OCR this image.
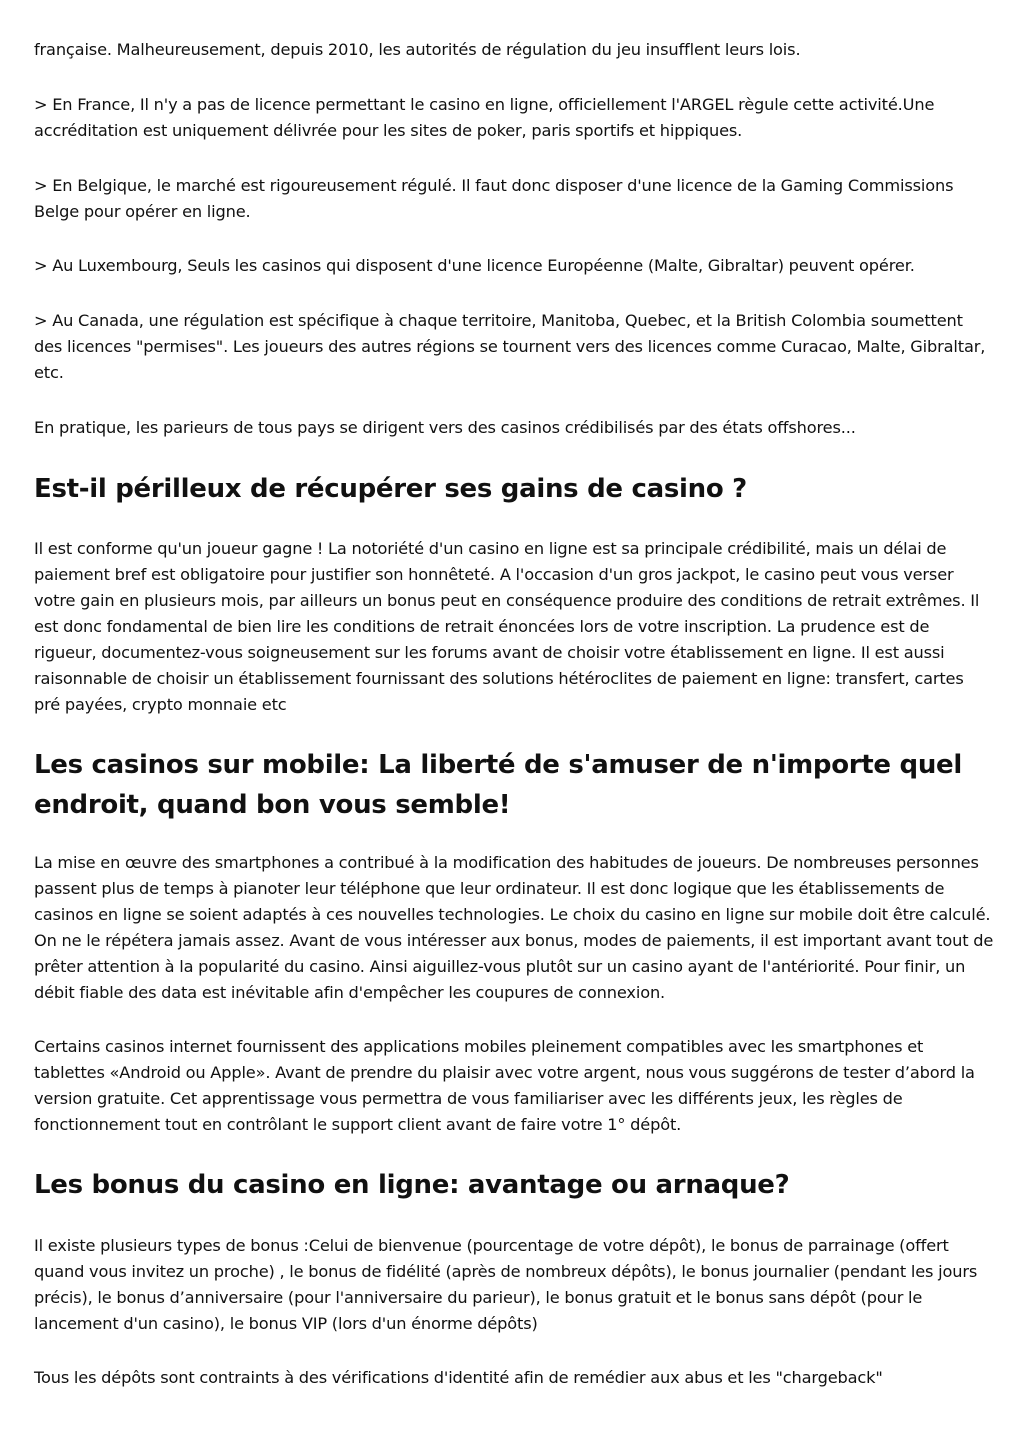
française. Malheureusement, depuis 2010, les autorités de régulation du jeu insufflent leurs lois.

> En France, Il n'y a pas de licence permettant le casino en ligne, officiellement l'ARGEL règule cette activité.Une accréditation est uniquement délivrée pour les sites de poker, paris sportifs et hippiques.

> En Belgique, le marché est rigoureusement régulé. Il faut donc disposer d'une licence de la Gaming Commissions Belge pour opérer en ligne.

> Au Luxembourg, Seuls les casinos qui disposent d'une licence Européenne (Malte, Gibraltar) peuvent opérer.

> Au Canada, une régulation est spécifique à chaque territoire, Manitoba, Quebec, et la British Colombia soumettent des licences "permises". Les joueurs des autres régions se tournent vers des licences comme Curacao, Malte, Gibraltar, etc.

En pratique, les parieurs de tous pays se dirigent vers des casinos crédibilisés par des états offshores...

Est-il périlleux de récupérer ses gains de casino ?

Il est conforme qu'un joueur gagne ! La notoriété d'un casino en ligne est sa principale crédibilité, mais un délai de paiement bref est obligatoire pour justifier son honnêteté. A l'occasion d'un gros jackpot, le casino peut vous verser votre gain en plusieurs mois, par ailleurs un bonus peut en conséquence produire des conditions de retrait extrêmes. Il est donc fondamental de bien lire les conditions de retrait énoncées lors de votre inscription. La prudence est de rigueur, documentez-vous soigneusement sur les forums avant de choisir votre établissement en ligne. Il est aussi raisonnable de choisir un établissement fournissant des solutions hétéroclites de paiement en ligne: transfert, cartes pré payées, crypto monnaie etc

Les casinos sur mobile: La liberté de s'amuser de n'importe quel endroit, quand bon vous semble!

La mise en œuvre des smartphones a contribué à la modification des habitudes de joueurs. De nombreuses personnes passent plus de temps à pianoter leur téléphone que leur ordinateur. Il est donc logique que les établissements de casinos en ligne se soient adaptés à ces nouvelles technologies. Le choix du casino en ligne sur mobile doit être calculé. On ne le répétera jamais assez. Avant de vous intéresser aux bonus, modes de paiements, il est important avant tout de prêter attention à la popularité du casino. Ainsi aiguillez-vous plutôt sur un casino ayant de l'antériorité. Pour finir, un débit fiable des data est inévitable afin d'empêcher les coupures de connexion.

Certains casinos internet fournissent des applications mobiles pleinement compatibles avec les smartphones et tablettes «Android ou Apple». Avant de prendre du plaisir avec votre argent, nous vous suggérons de tester d’abord la version gratuite. Cet apprentissage vous permettra de vous familiariser avec les différents jeux, les règles de fonctionnement tout en contrôlant le support client avant de faire votre 1° dépôt.

Les bonus du casino en ligne: avantage ou arnaque?

Il existe plusieurs types de bonus :Celui de bienvenue (pourcentage de votre dépôt), le bonus de parrainage (offert quand vous invitez un proche) , le bonus de fidélité (après de nombreux dépôts), le bonus journalier (pendant les jours précis), le bonus d’anniversaire (pour l'anniversaire du parieur), le bonus gratuit et le bonus sans dépôt (pour le lancement d'un casino), le bonus VIP (lors d'un énorme dépôts)

Tous les dépôts sont contraints à des vérifications d'identité afin de remédier aux abus et les "chargeback"
